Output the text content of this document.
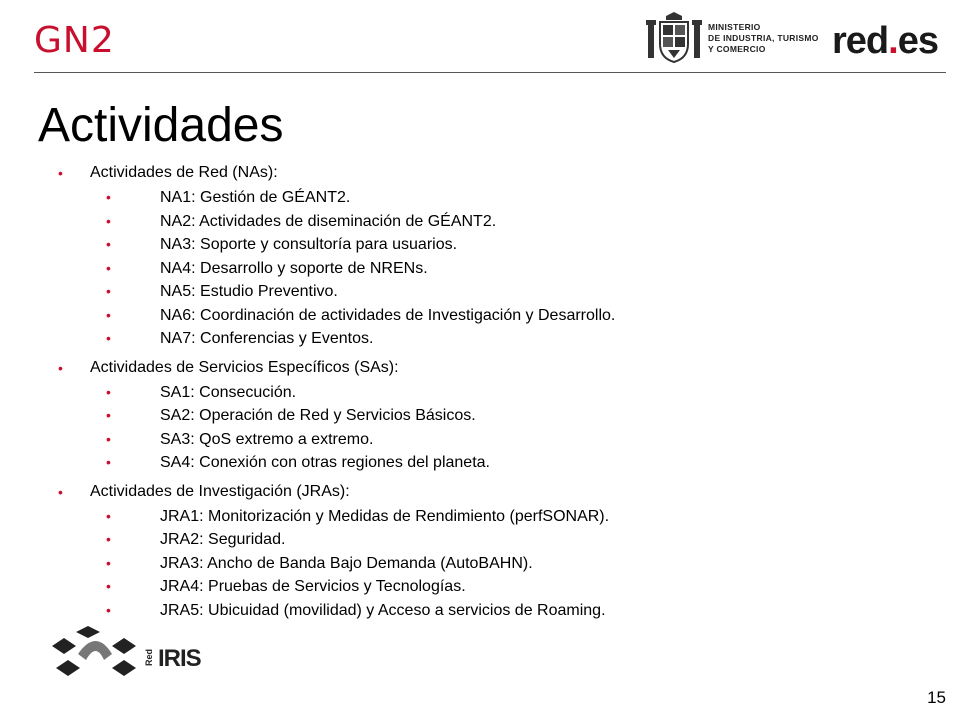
GN2	MINISTERIO
DE INDUSTRIA, TURISMO
Y COMERCIO	red.es
Actividades
•	Actividades de Red (NAs):
•	NA1: Gestión de GÉANT2.
•	NA2: Actividades de diseminación de GÉANT2.
•	NA3: Soporte y consultoría para usuarios.
•	NA4: Desarrollo y soporte de NRENs.
•	NA5: Estudio Preventivo.
•	NA6: Coordinación de actividades de Investigación y Desarrollo.
•	NA7: Conferencias y Eventos.
•	Actividades de Servicios Específicos (SAs):
•	SA1: Consecución.
•	SA2: Operación de Red y Servicios Básicos.
•	SA3: QoS extremo a extremo.
•	SA4: Conexión con otras regiones del planeta.
•	Actividades de Investigación (JRAs):
•	JRA1: Monitorización y Medidas de Rendimiento (perfSONAR).
•	JRA2: Seguridad.
•	JRA3: Ancho de Banda Bajo Demanda (AutoBAHN).
•	JRA4: Pruebas de Servicios y Tecnologías.
•	JRA5: Ubicuidad (movilidad) y Acceso a servicios de Roaming.
Red IRIS
15
